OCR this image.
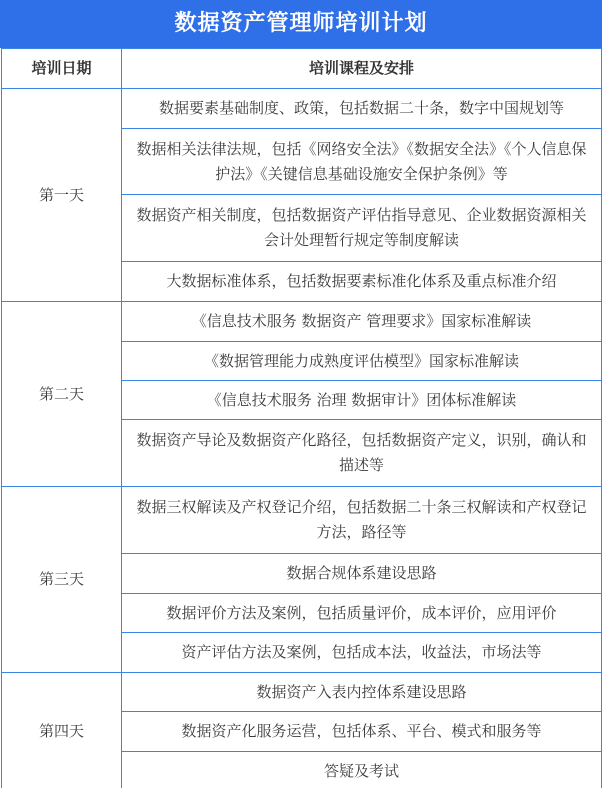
数据资产管理师培训计划
培训日期	培训课程及安排
第一天	数据要素基础制度、政策，包括数据二十条，数字中国规划等
	数据相关法律法规，包括《网络安全法》《数据安全法》《个人信息保护法》《关键信息基础设施安全保护条例》等
	数据资产相关制度，包括数据资产评估指导意见、企业数据资源相关会计处理暂行规定等制度解读
	大数据标准体系，包括数据要素标准化体系及重点标准介绍
第二天	《信息技术服务 数据资产 管理要求》国家标准解读
	《数据管理能力成熟度评估模型》国家标准解读
	《信息技术服务 治理 数据审计》团体标准解读
	数据资产导论及数据资产化路径，包括数据资产定义，识别，确认和描述等
第三天	数据三权解读及产权登记介绍，包括数据二十条三权解读和产权登记方法，路径等
	数据合规体系建设思路
	数据评价方法及案例，包括质量评价，成本评价，应用评价
	资产评估方法及案例，包括成本法，收益法，市场法等
第四天	数据资产入表内控体系建设思路
	数据资产化服务运营，包括体系、平台、模式和服务等
	答疑及考试
